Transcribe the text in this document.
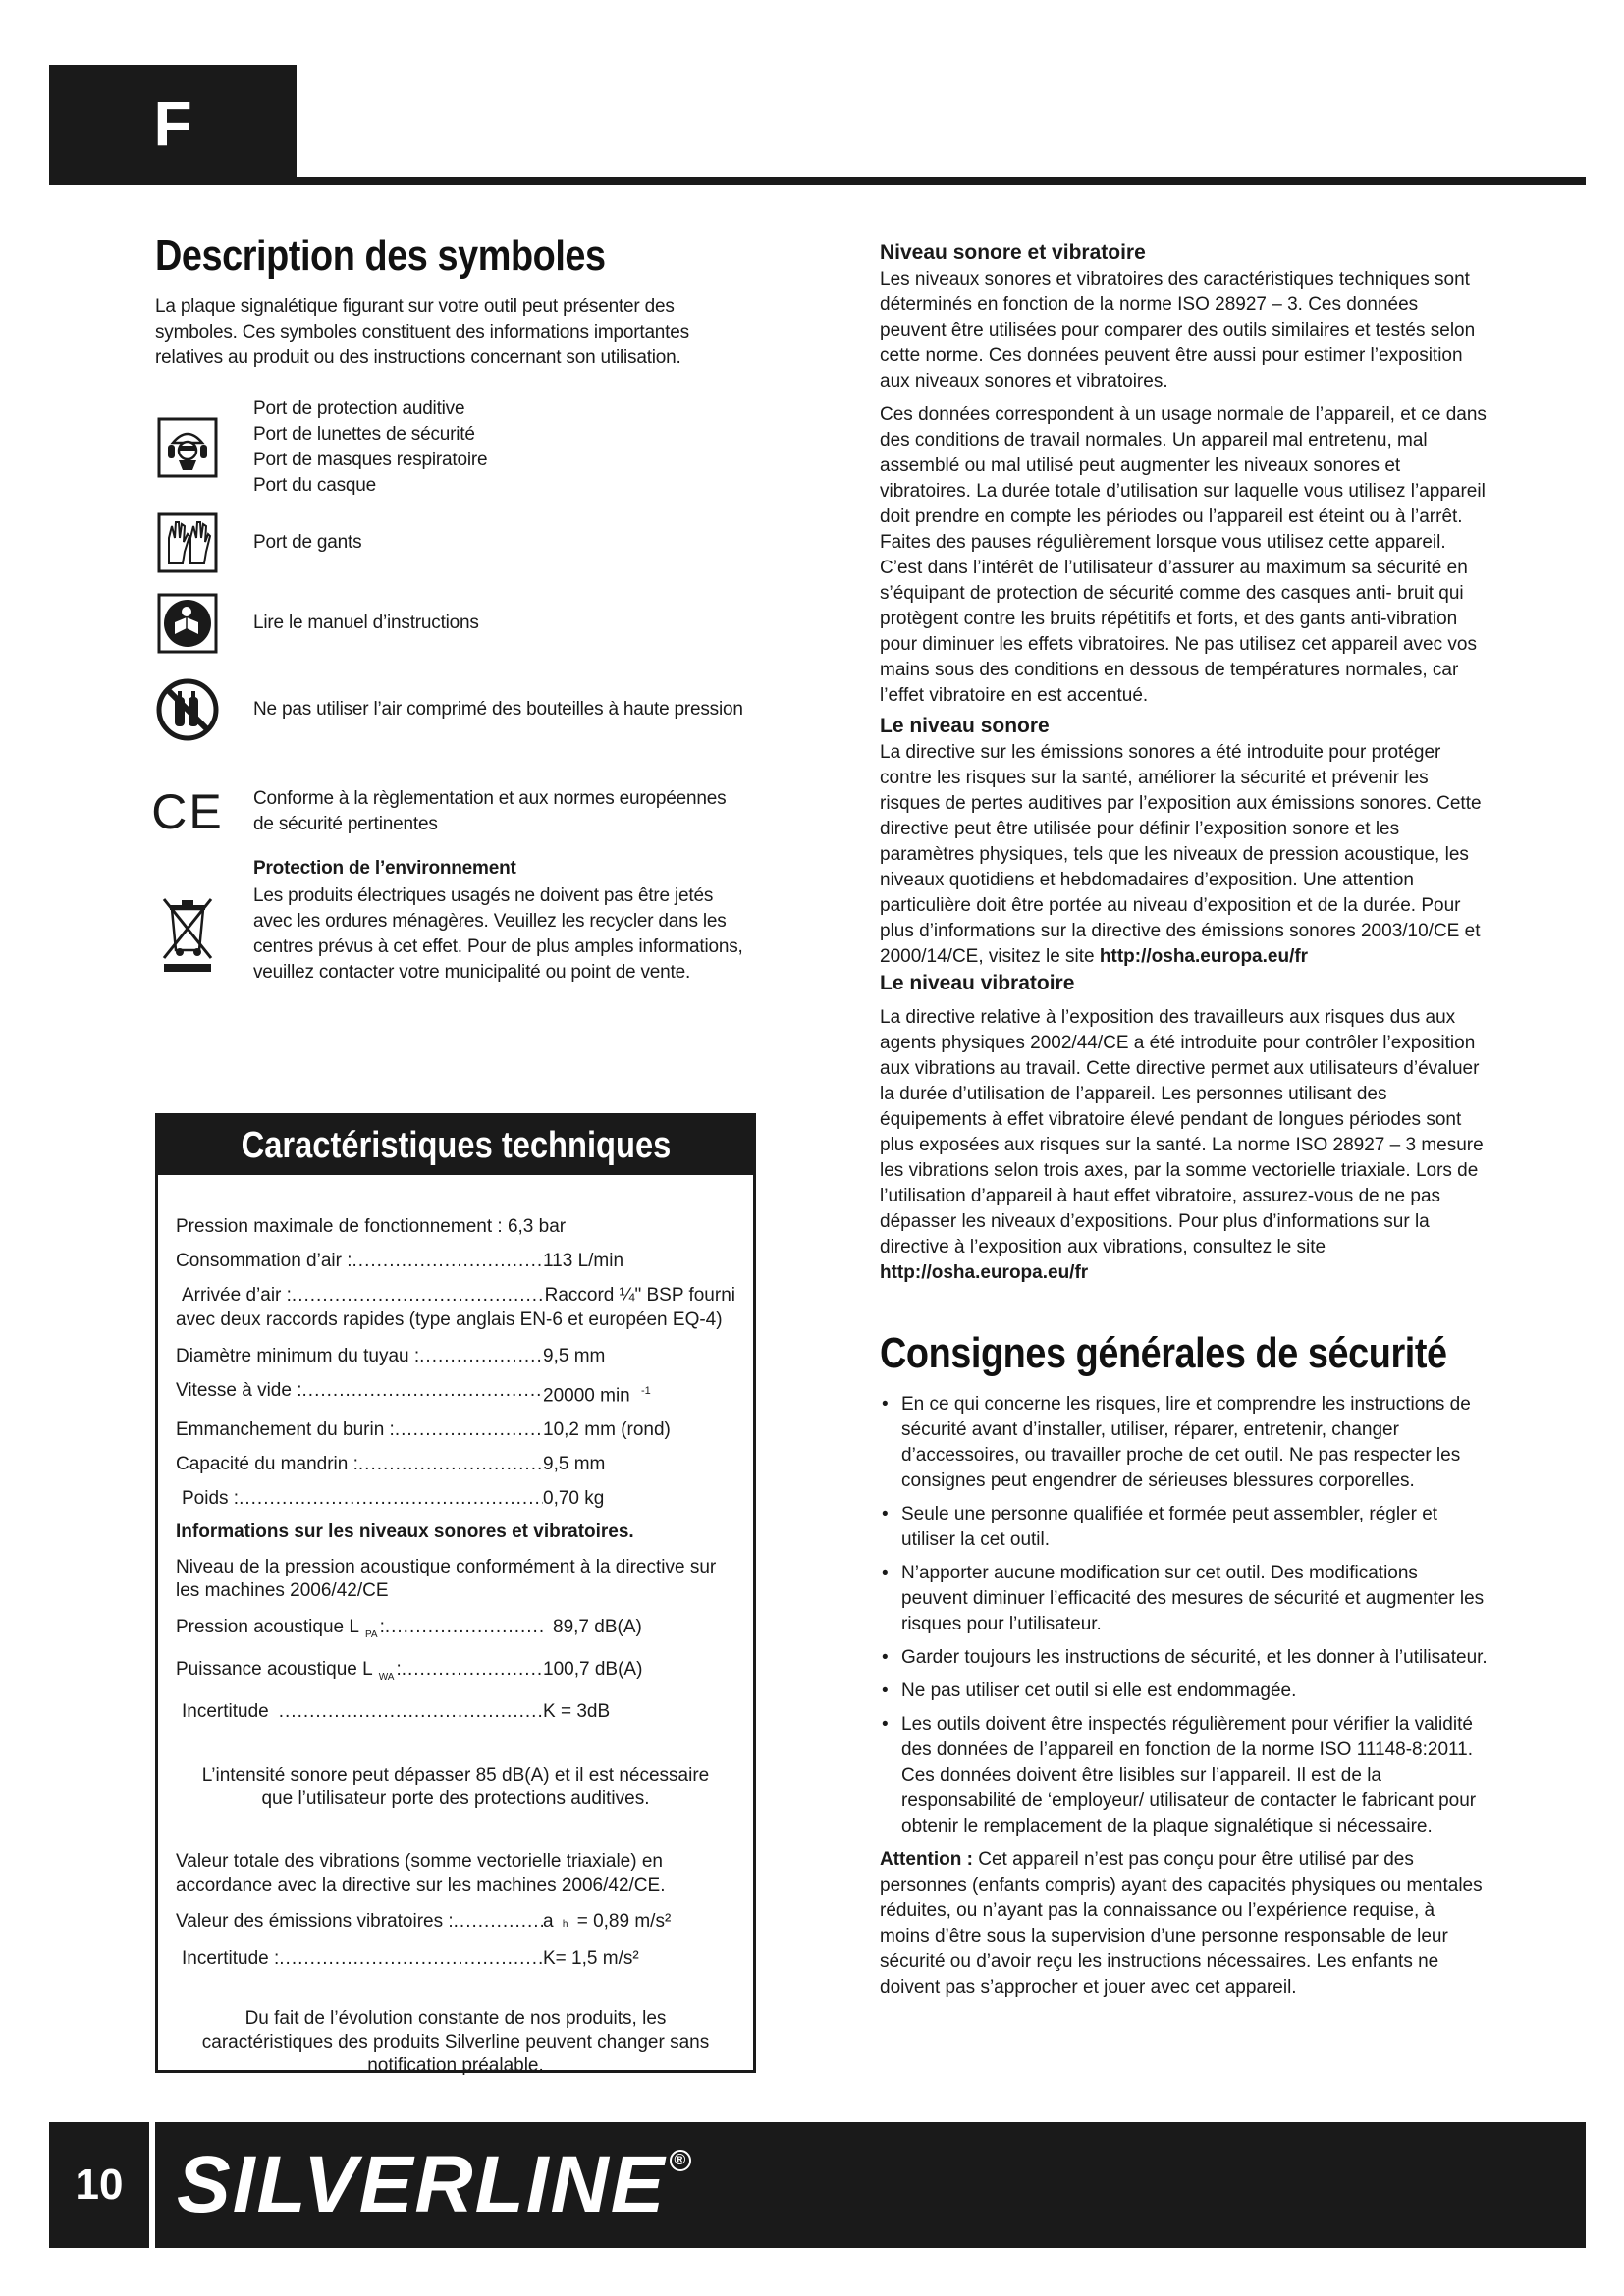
F
Description des symboles

La plaque signalétique figurant sur votre outil peut présenter des symboles. Ces symboles constituent des informations importantes relatives au produit ou des instructions concernant son utilisation.

Port de protection auditive
Port de lunettes de sécurité
Port de masques respiratoire
Port du casque
Port de gants
Lire le manuel d’instructions
Ne pas utiliser l’air comprimé des bouteilles à haute pression
CE Conforme à la règlementation et aux normes européennes de sécurité pertinentes
Protection de l’environnement
Les produits électriques usagés ne doivent pas être jetés avec les ordures ménagères. Veuillez les recycler dans les centres prévus à cet effet. Pour de plus amples informations, veuillez contacter votre municipalité ou point de vente.
Caractéristiques techniques
Pression maximale de fonctionnement : 6,3 bar
Consommation d’air : .....	113 L/min
Arrivée d’air : .....	Raccord ¼" BSP fourni
avec deux raccords rapides (type anglais EN-6 et européen EQ-4)
Diamètre minimum du tuyau : .....	9,5 mm
Vitesse à vide : .....	20000 min $^{-1}$
Emmanchement du burin : .....	10,2 mm (rond)
Capacité du mandrin : .....	9,5 mm
Poids : .....	0,70 kg
Informations sur les niveaux sonores et vibratoires.
Niveau de la pression acoustique conformément à la directive sur les machines 2006/42/CE
Pression acoustique L PA : .....	89,7 dB(A)
Puissance acoustique L WA : .....	100,7 dB(A)
Incertitude .....	K = 3dB
L’intensité sonore peut dépasser 85 dB(A) et il est nécessaire que l’utilisateur porte des protections auditives.
Valeur totale des vibrations (somme vectorielle triaxiale) en accordance avec la directive sur les machines 2006/42/CE.
Valeur des émissions vibratoires : .....	a h = 0,89 m/s²
Incertitude : .....	K= 1,5 m/s²
Du fait de l’évolution constante de nos produits, les caractéristiques des produits Silverline peuvent changer sans notification préalable.
Niveau sonore et vibratoire

Les niveaux sonores et vibratoires des caractéristiques techniques sont déterminés en fonction de la norme ISO 28927 – 3. Ces données peuvent être utilisées pour comparer des outils similaires et testés selon cette norme. Ces données peuvent être aussi pour estimer l’exposition aux niveaux sonores et vibratoires.

Ces données correspondent à un usage normale de l’appareil, et ce dans des conditions de travail normales. Un appareil mal entretenu, mal assemblé ou mal utilisé peut augmenter les niveaux sonores et vibratoires. La durée totale d’utilisation sur laquelle vous utilisez l’appareil doit prendre en compte les périodes ou l’appareil est éteint ou à l’arrêt. Faites des pauses régulièrement lorsque vous utilisez cette appareil.

C’est dans l’intérêt de l’utilisateur d’assurer au maximum sa sécurité en s’équipant de protection de sécurité comme des casques anti- bruit qui protègent contre les bruits répétitifs et forts, et des gants anti-vibration pour diminuer les effets vibratoires. Ne pas utilisez cet appareil avec vos mains sous des conditions en dessous de températures normales, car l’effet vibratoire en est accentué.

Le niveau sonore

La directive sur les émissions sonores a été introduite pour protéger contre les risques sur la santé, améliorer la sécurité et prévenir les risques de pertes auditives par l’exposition aux émissions sonores. Cette directive peut être utilisée pour définir l’exposition sonore et les paramètres physiques, tels que les niveaux de pression acoustique, les niveaux quotidiens et hebdomadaires d’exposition. Une attention particulière doit être portée au niveau d’exposition et de la durée. Pour plus d’informations sur la directive des émissions sonores 2003/10/CE et 2000/14/CE, visitez le site http://osha.europa.eu/fr

Le niveau vibratoire

La directive relative à l’exposition des travailleurs aux risques dus aux agents physiques 2002/44/CE a été introduite pour contrôler l’exposition aux vibrations au travail. Cette directive permet aux utilisateurs d’évaluer la durée d’utilisation de l’appareil. Les personnes utilisant des équipements à effet vibratoire élevé pendant de longues périodes sont plus exposées aux risques sur la santé. La norme ISO 28927 – 3 mesure les vibrations selon trois axes, par la somme vectorielle triaxiale. Lors de l’utilisation d’appareil à haut effet vibratoire, assurez-vous de ne pas dépasser les niveaux d’expositions. Pour plus d’informations sur la directive à l’exposition aux vibrations, consultez le site http://osha.europa.eu/fr

Consignes générales de sécurité
• En ce qui concerne les risques, lire et comprendre les instructions de sécurité avant d’installer, utiliser, réparer, entretenir, changer d’accessoires, ou travailler proche de cet outil. Ne pas respecter les consignes peut engendrer de sérieuses blessures corporelles.
• Seule une personne qualifiée et formée peut assembler, régler et utiliser la cet outil.
• N’apporter aucune modification sur cet outil. Des modifications peuvent diminuer l’efficacité des mesures de sécurité et augmenter les risques pour l’utilisateur.
• Garder toujours les instructions de sécurité, et les donner à l’utilisateur.
• Ne pas utiliser cet outil si elle est endommagée.
• Les outils doivent être inspectés régulièrement pour vérifier la validité des données de l’appareil en fonction de la norme ISO 11148-8:2011. Ces données doivent être lisibles sur l’appareil. Il est de la responsabilité de ‘employeur/ utilisateur de contacter le fabricant pour obtenir le remplacement de la plaque signalétique si nécessaire.

Attention : Cet appareil n’est pas conçu pour être utilisé par des personnes (enfants compris) ayant des capacités physiques ou mentales réduites, ou n’ayant pas la connaissance ou l’expérience requise, à moins d’être sous la supervision d’une personne responsable de leur sécurité ou d’avoir reçu les instructions nécessaires. Les enfants ne doivent pas s’approcher et jouer avec cet appareil.

10 SILVERLINE ®
